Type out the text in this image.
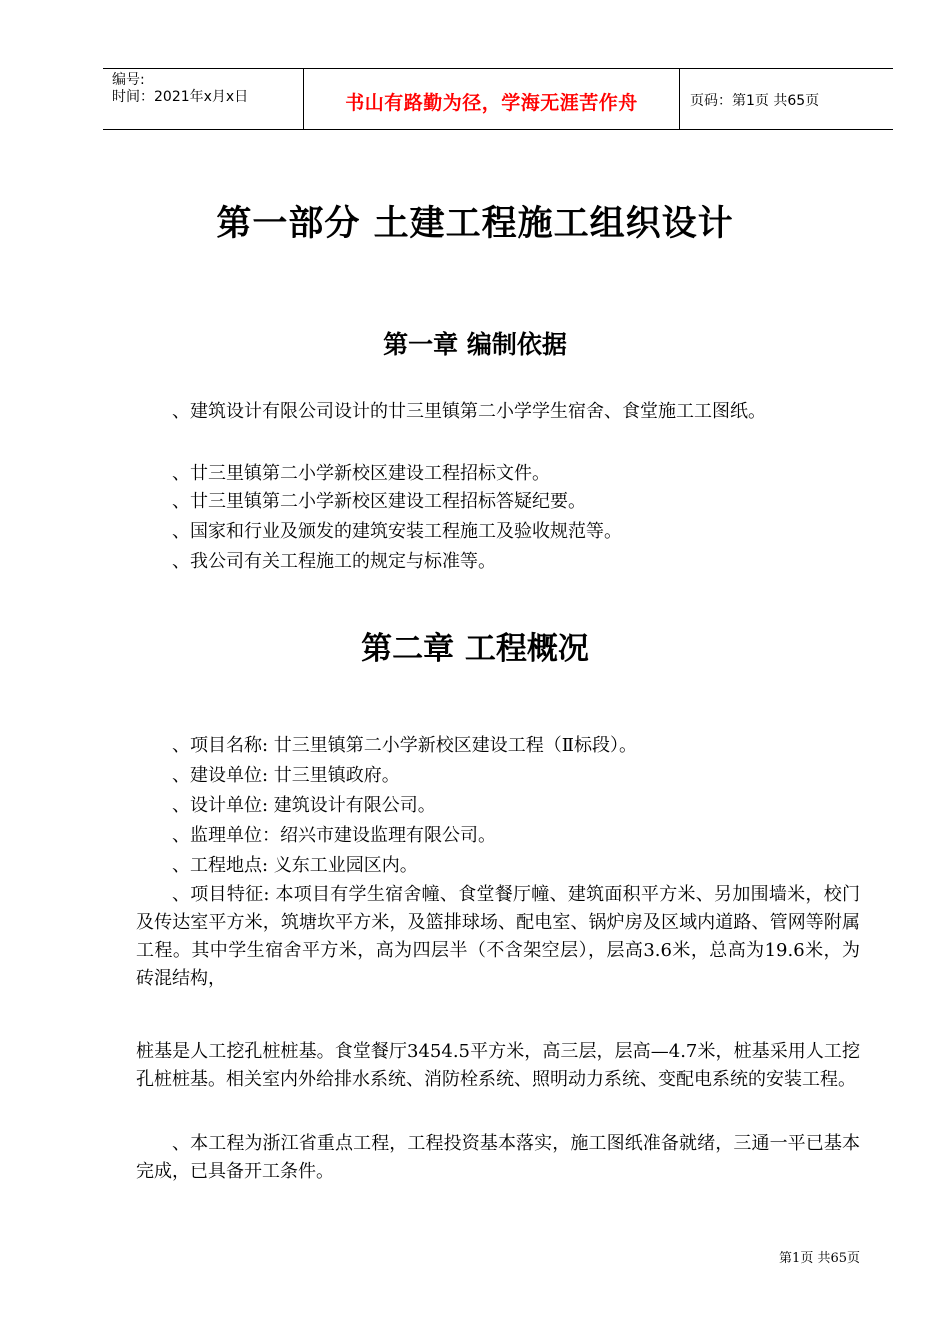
编号:
时间：2021年x月x日	书山有路勤为径，学海无涯苦作舟	页码：第1页 共65页
第一部分 土建工程施工组织设计
第一章 编制依据

、建筑设计有限公司设计的廿三里镇第二小学学生宿舍、食堂施工工图纸。

、廿三里镇第二小学新校区建设工程招标文件。

、廿三里镇第二小学新校区建设工程招标答疑纪要。

、国家和行业及颁发的建筑安装工程施工及验收规范等。

、我公司有关工程施工的规定与标准等。

第二章 工程概况

、项目名称: 廿三里镇第二小学新校区建设工程（Ⅱ标段）。

、建设单位: 廿三里镇政府。

、设计单位: 建筑设计有限公司。

、监理单位：绍兴市建设监理有限公司。

、工程地点: 义东工业园区内。

、项目特征: 本项目有学生宿舍幢、食堂餐厅幢、建筑面积平方米、另加围墙米，校门及传达室平方米，筑塘坎平方米，及篮排球场、配电室、锅炉房及区域内道路、管网等附属工程。其中学生宿舍平方米，高为四层半（不含架空层），层高3.6米，总高为19.6米，为砖混结构，

桩基是人工挖孔桩桩基。食堂餐厅3454.5平方米，高三层，层高—4.7米，桩基采用人工挖孔桩桩基。相关室内外给排水系统、消防栓系统、照明动力系统、变配电系统的安装工程。

、本工程为浙江省重点工程，工程投资基本落实，施工图纸准备就绪，三通一平已基本完成，已具备开工条件。

第1页 共65页
